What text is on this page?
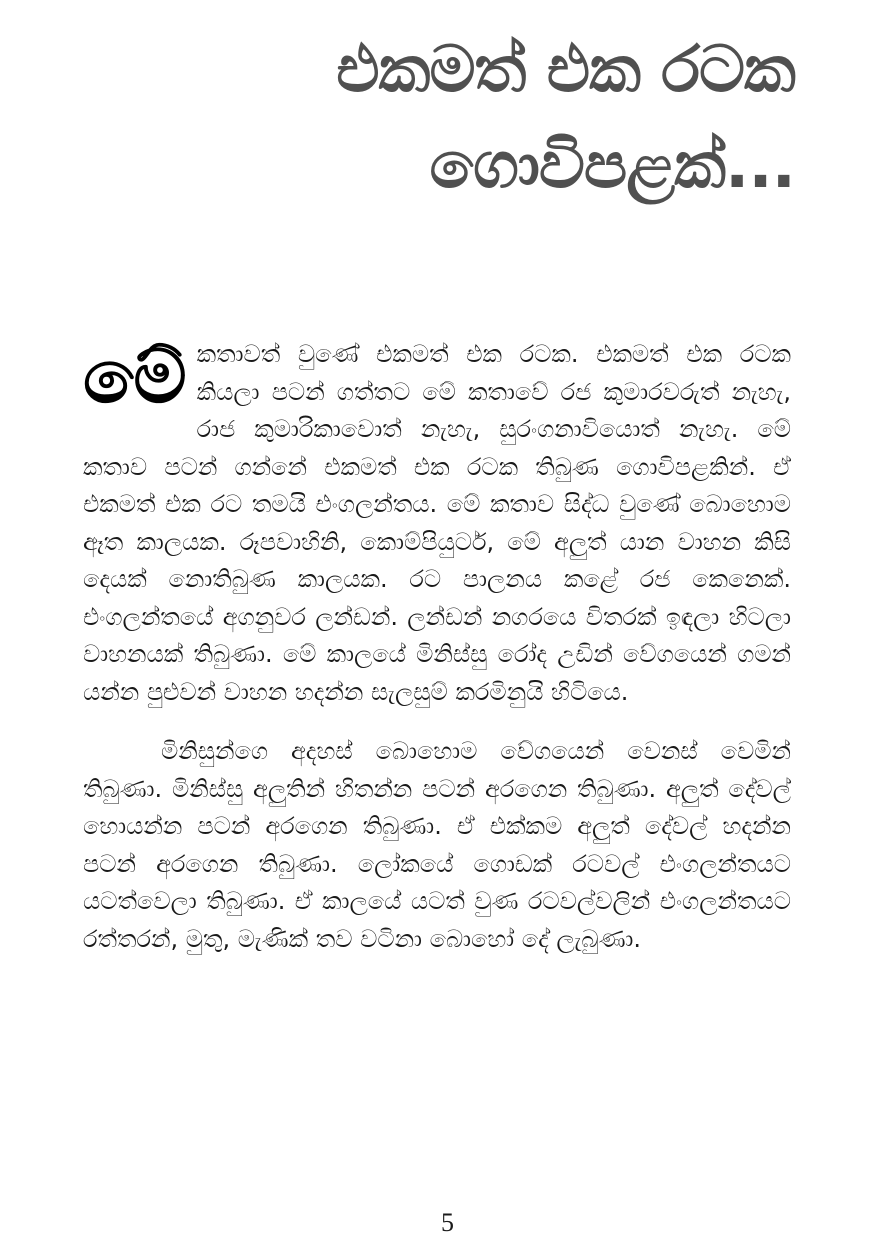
එකමත් එක රටක
ගොවිපළක්...

මේ කතාවත් වුණේ එකමත් එක රටක. එකමත් එක රටක කියලා පටන් ගත්තට මේ කතාවේ රජ කුමාරවරුත් නැහැ, රාජ කුමාරිකාවොත් නැහැ, සුරංගනාවියොත් නැහැ. මේ කතාව පටන් ගන්නේ එකමත් එක රටක තිබුණ ගොවිපළකින්. ඒ එකමත් එක රට තමයි එංගලන්තය. මේ කතාව සිද්ධ වුණේ බොහොම ඈත කාලයක. රූපවාහිනි, කොම්පියුටර්, මේ අලුත් යාන වාහන කිසි දෙයක් නොතිබුණ කාලයක. රට පාලනය කළේ රජ කෙනෙක්. එංගලන්තයේ අගනුවර ලන්ඩන්. ලන්ඩන් නගරයෙ විතරක් ඉඳලා හිටලා වාහනයක් තිබුණා. මේ කාලයේ මිනිස්සු රෝද උඩින් වේගයෙන් ගමන් යන්න පුළුවන් වාහන හදන්න සැලසුම් කරමිනුයි හිටියෙ.

මිනිසුන්ගෙ අදහස් බොහොම වේගයෙන් වෙනස් වෙමින් තිබුණා. මිනිස්සු අලුතින් හිතන්න පටන් අරගෙන තිබුණා. අලුත් දේවල් හොයන්න පටන් අරගෙන තිබුණා. ඒ එක්කම අලුත් දේවල් හදන්න පටන් අරගෙන තිබුණා. ලෝකයේ ගොඩක් රටවල් එංගලන්තයට යටත්වෙලා තිබුණා. ඒ කාලයේ යටත් වුණ රටවල්වලින් එංගලන්තයට රත්තරන්, මුතු, මැණික් තව වටිනා බොහෝ දේ ලැබුණා.

5
